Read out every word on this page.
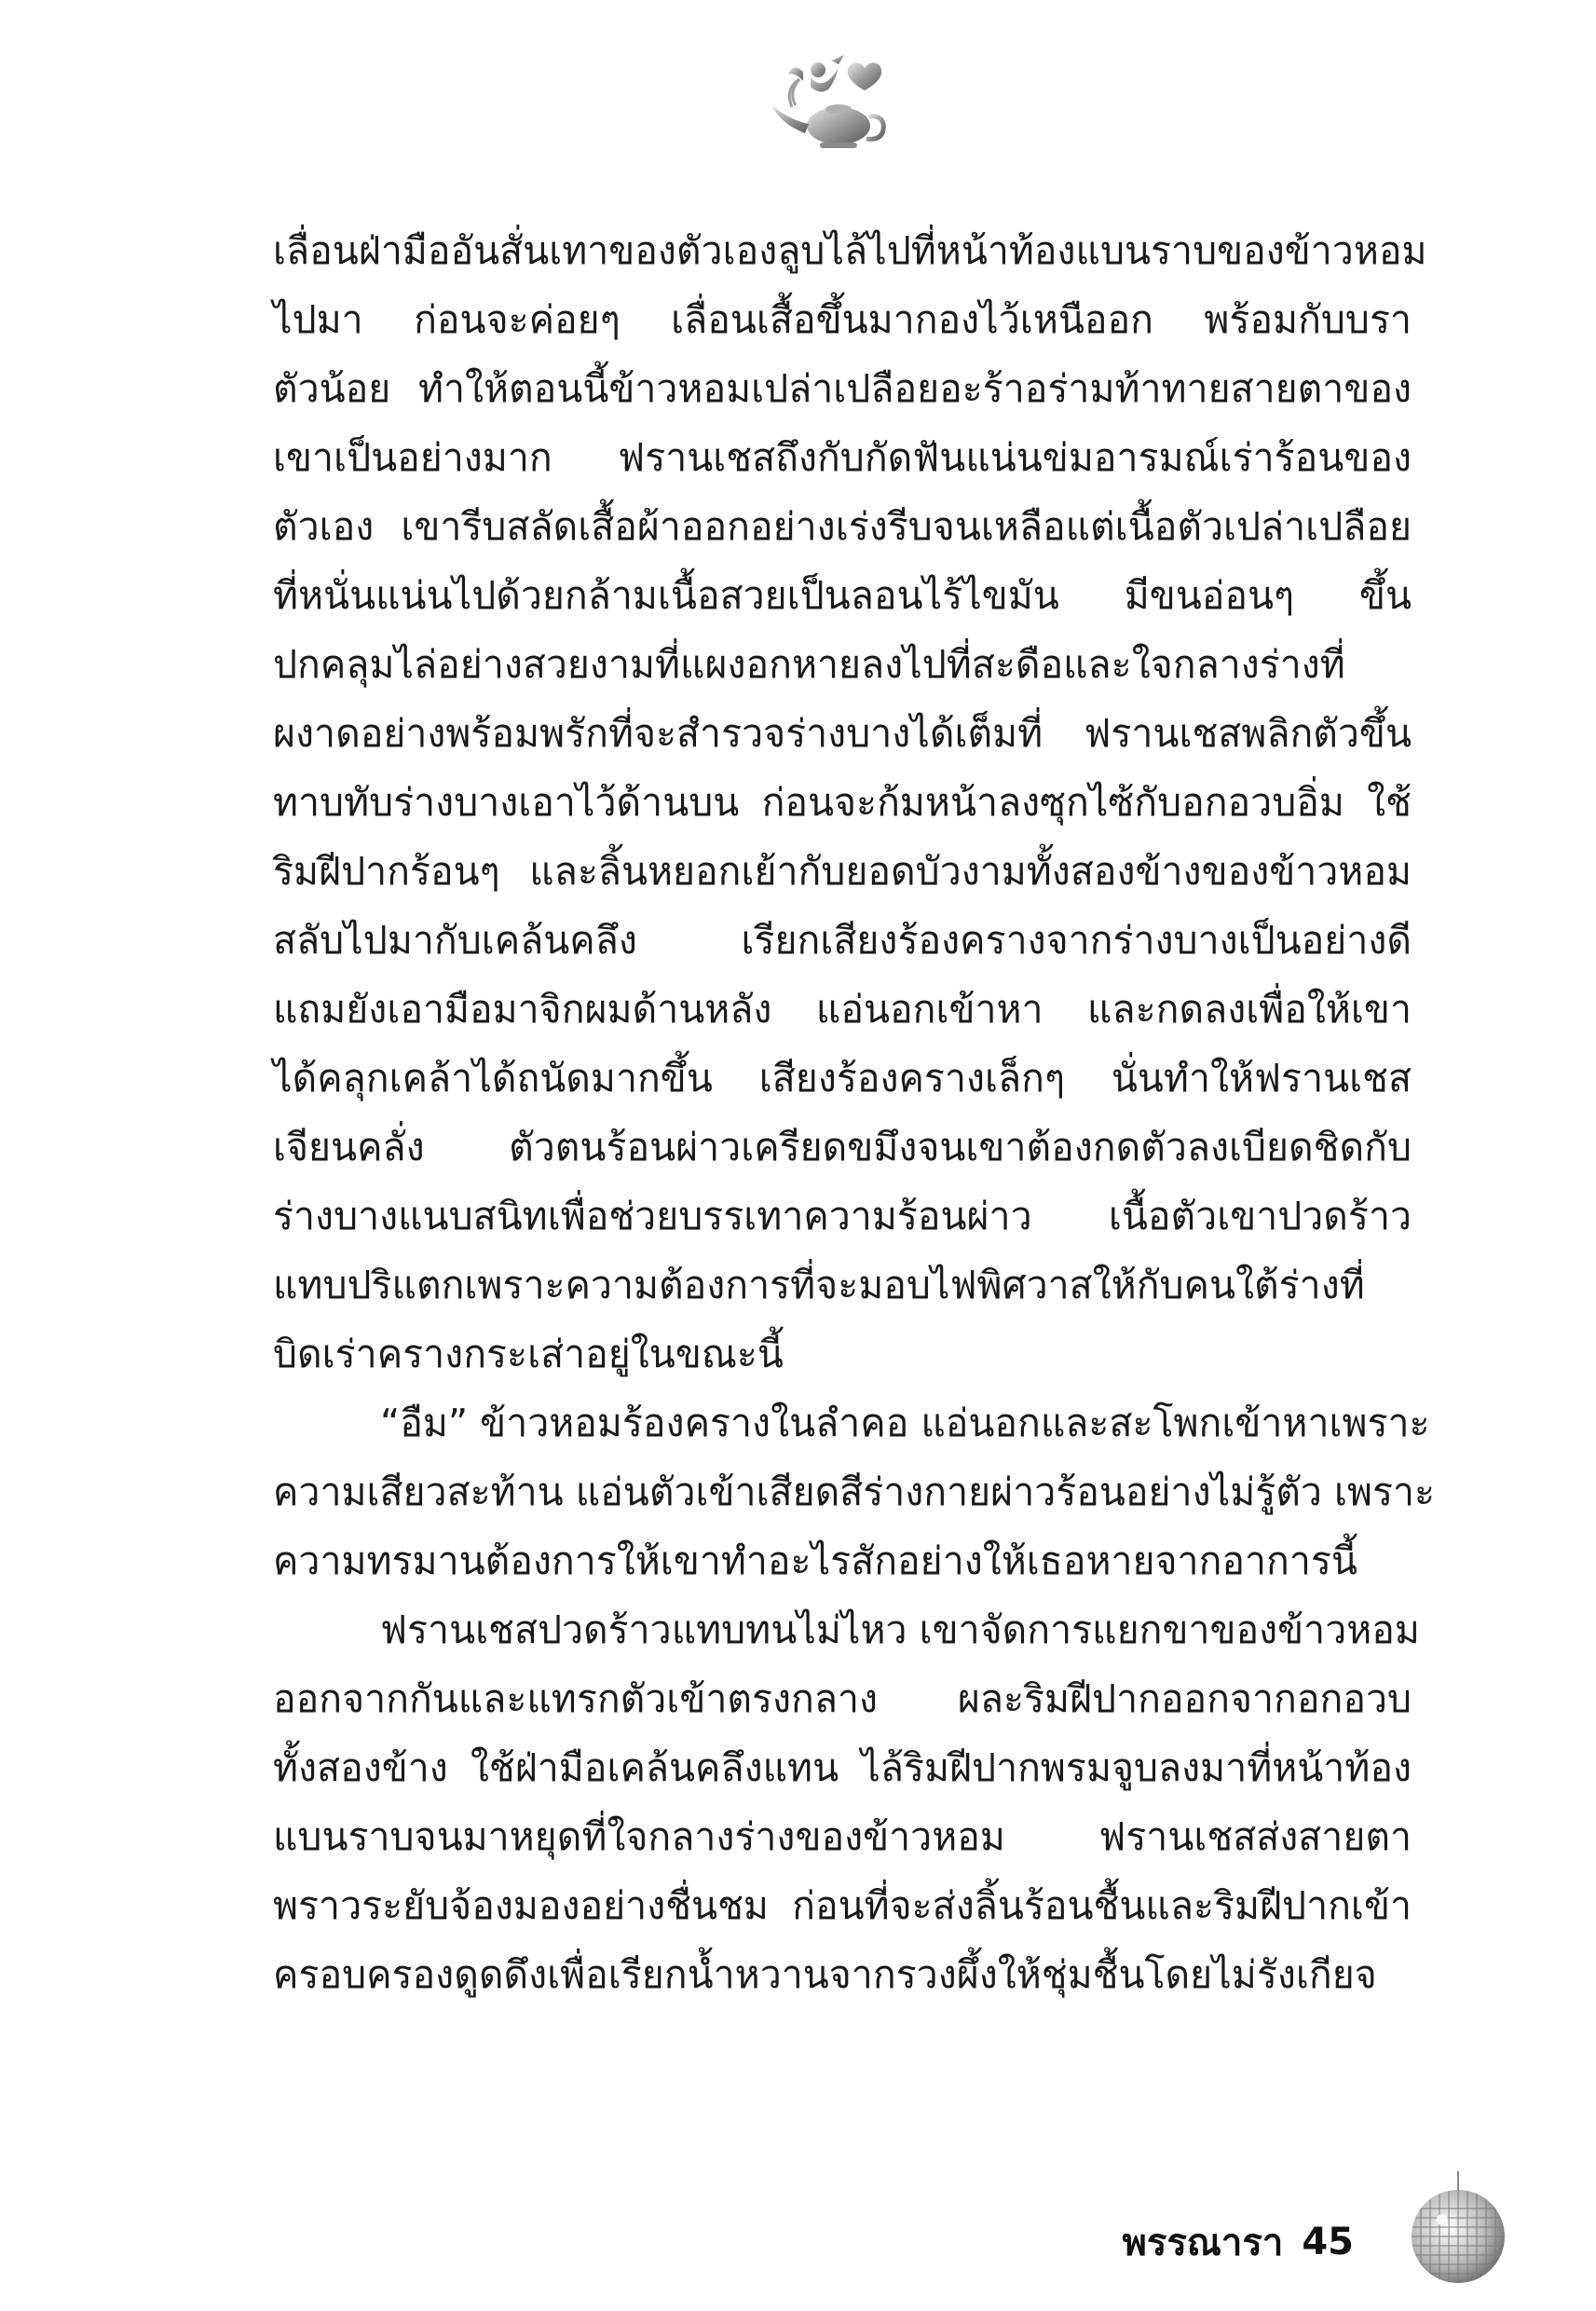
เลื่อนฝ่ามืออันสั่นเทาของตัวเองลูบไล้ไปที่หน้าท้องแบนราบของข้าวหอม
ไปมา ก่อนจะค่อยๆ เลื่อนเสื้อขึ้นมากองไว้เหนืออก พร้อมกับบรา
ตัวน้อย ทำให้ตอนนี้ข้าวหอมเปล่าเปลือยอะร้าอร่ามท้าทายสายตาของ
เขาเป็นอย่างมาก ฟรานเชสถึงกับกัดฟันแน่นข่มอารมณ์เร่าร้อนของ
ตัวเอง เขารีบสลัดเสื้อผ้าออกอย่างเร่งรีบจนเหลือแต่เนื้อตัวเปล่าเปลือย
ที่หนั่นแน่นไปด้วยกล้ามเนื้อสวยเป็นลอนไร้ไขมัน มีขนอ่อนๆ ขึ้น
ปกคลุมไล่อย่างสวยงามที่แผงอกหายลงไปที่สะดือและใจกลางร่างที่
ผงาดอย่างพร้อมพรักที่จะสำรวจร่างบางได้เต็มที่ ฟรานเชสพลิกตัวขึ้น
ทาบทับร่างบางเอาไว้ด้านบน ก่อนจะก้มหน้าลงซุกไซ้กับอกอวบอิ่ม ใช้
ริมฝีปากร้อนๆ และลิ้นหยอกเย้ากับยอดบัวงามทั้งสองข้างของข้าวหอม
สลับไปมากับเคล้นคลึง เรียกเสียงร้องครางจากร่างบางเป็นอย่างดี
แถมยังเอามือมาจิกผมด้านหลัง แอ่นอกเข้าหา และกดลงเพื่อให้เขา
ได้คลุกเคล้าได้ถนัดมากขึ้น เสียงร้องครางเล็กๆ นั่นทำให้ฟรานเชส
เจียนคลั่ง ตัวตนร้อนผ่าวเครียดขมึงจนเขาต้องกดตัวลงเบียดชิดกับ
ร่างบางแนบสนิทเพื่อช่วยบรรเทาความร้อนผ่าว เนื้อตัวเขาปวดร้าว
แทบปริแตกเพราะความต้องการที่จะมอบไฟพิศวาสให้กับคนใต้ร่างที่
บิดเร่าครางกระเส่าอยู่ในขณะนี้
“อืม” ข้าวหอมร้องครางในลำคอ แอ่นอกและสะโพกเข้าหาเพราะ
ความเสียวสะท้าน แอ่นตัวเข้าเสียดสีร่างกายผ่าวร้อนอย่างไม่รู้ตัว เพราะ
ความทรมานต้องการให้เขาทำอะไรสักอย่างให้เธอหายจากอาการนี้
ฟรานเชสปวดร้าวแทบทนไม่ไหว เขาจัดการแยกขาของข้าวหอม
ออกจากกันและแทรกตัวเข้าตรงกลาง ผละริมฝีปากออกจากอกอวบ
ทั้งสองข้าง ใช้ฝ่ามือเคล้นคลึงแทน ไล้ริมฝีปากพรมจูบลงมาที่หน้าท้อง
แบนราบจนมาหยุดที่ใจกลางร่างของข้าวหอม ฟรานเชสส่งสายตา
พราวระยับจ้องมองอย่างชื่นชม ก่อนที่จะส่งลิ้นร้อนชื้นและริมฝีปากเข้า
ครอบครองดูดดึงเพื่อเรียกน้ำหวานจากรวงผึ้งให้ชุ่มชื้นโดยไม่รังเกียจ
พรรณารา 45
